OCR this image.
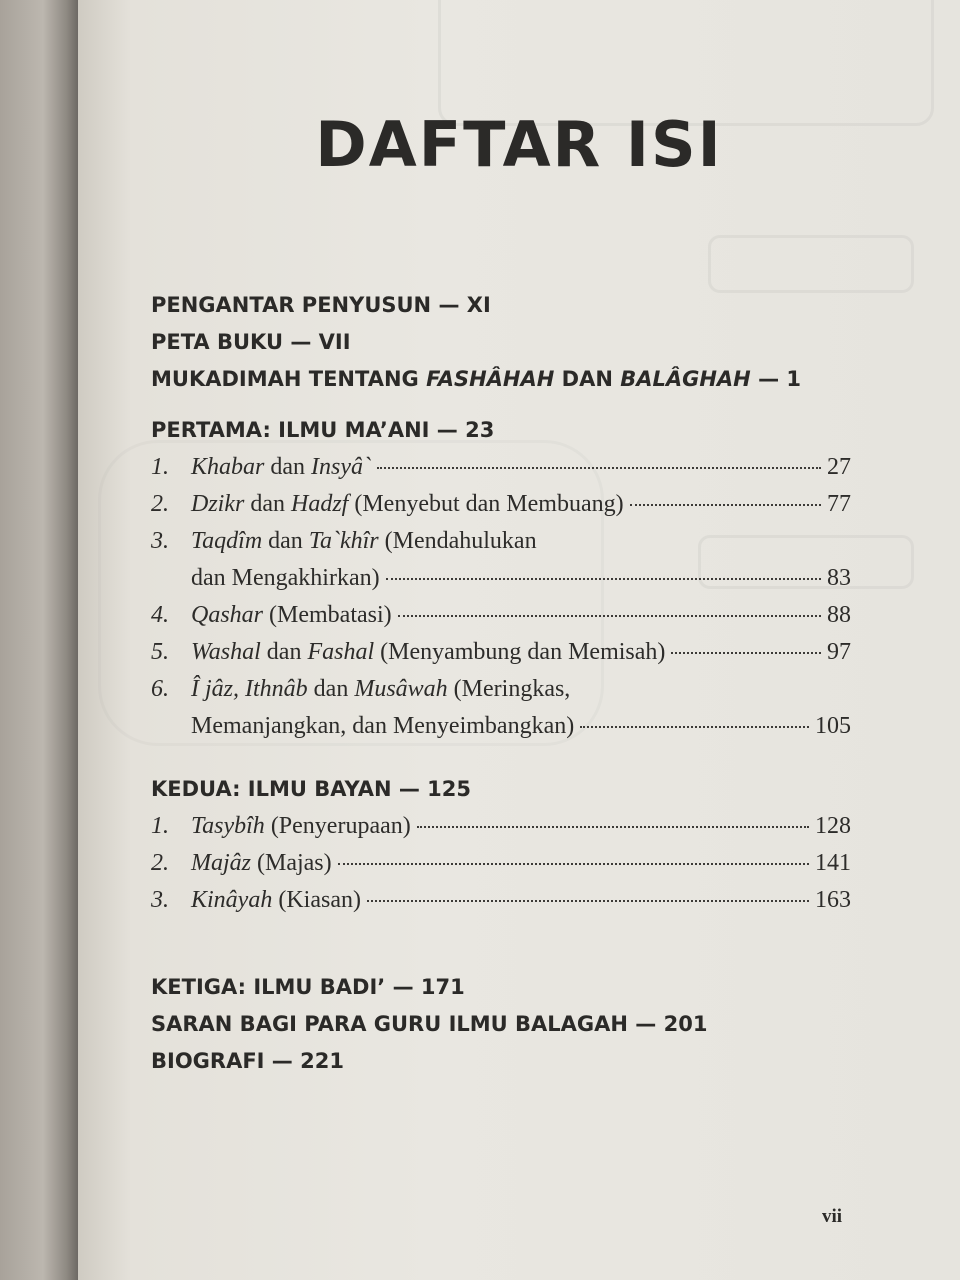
DAFTAR ISI
PENGANTAR PENYUSUN — XI
PETA BUKU — VII
MUKADIMAH TENTANG FASHÂHAH DAN BALÂGHAH — 1
PERTAMA: ILMU MA’ANI — 23
1. Khabar dan Insyâ`	27
2. Dzikr dan Hadzf (Menyebut dan Membuang)	77
3. Taqdîm dan Ta`khîr (Mendahulukan
dan Mengakhirkan)	83
4. Qashar (Membatasi)	88
5. Washal dan Fashal (Menyambung dan Memisah)	97
6. Î jâz, Ithnâb dan Musâwah (Meringkas,
Memanjangkan, dan Menyeimbangkan)	105
KEDUA: ILMU BAYAN — 125
1. Tasybîh (Penyerupaan)	128
2. Majâz (Majas)	141
3. Kinâyah (Kiasan)	163
KETIGA: ILMU BADI’ — 171
SARAN BAGI PARA GURU ILMU BALAGAH — 201
BIOGRAFI — 221
vii
